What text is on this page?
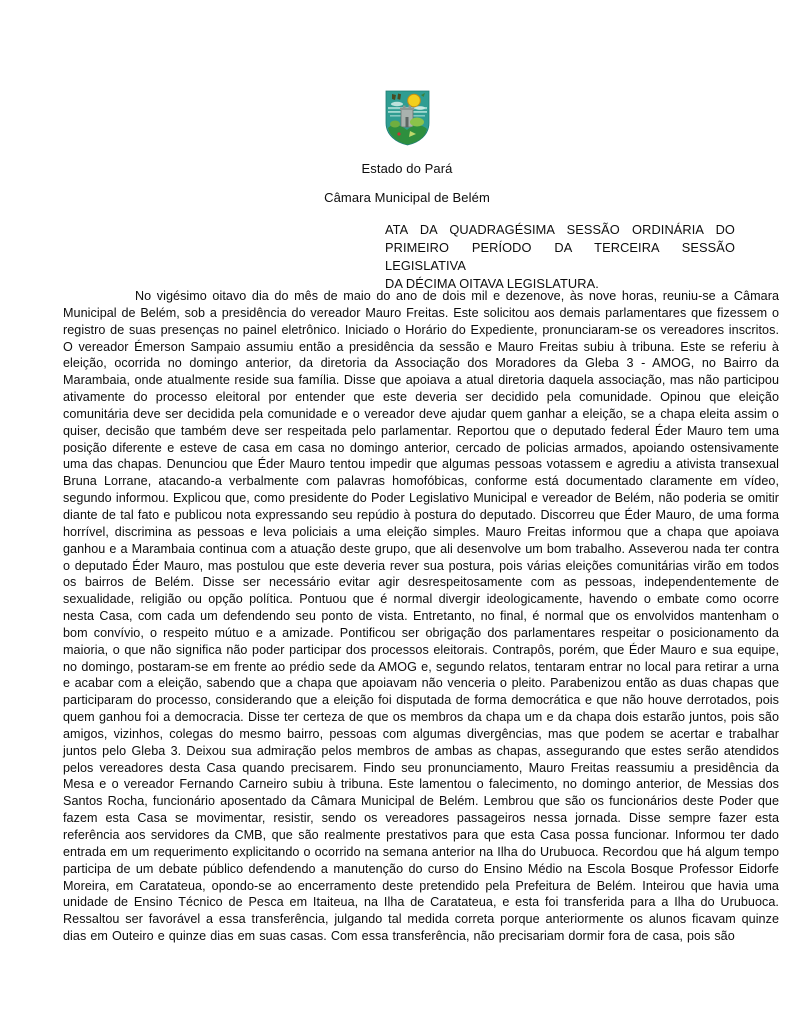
Estado do Pará
Câmara Municipal de Belém
ATA DA QUADRAGÉSIMA SESSÃO ORDINÁRIA DO
PRIMEIRO PERÍODO DA TERCEIRA SESSÃO LEGISLATIVA
DA DÉCIMA OITAVA LEGISLATURA.
No vigésimo oitavo dia do mês de maio do ano de dois mil e dezenove, às nove horas, reuniu-se a Câmara Municipal de Belém, sob a presidência do vereador Mauro Freitas. Este solicitou aos demais parlamentares que fizessem o registro de suas presenças no painel eletrônico. Iniciado o Horário do Expediente, pronunciaram-se os vereadores inscritos. O vereador Émerson Sampaio assumiu então a presidência da sessão e Mauro Freitas subiu à tribuna. Este se referiu à eleição, ocorrida no domingo anterior, da diretoria da Associação dos Moradores da Gleba 3 - AMOG, no Bairro da Marambaia, onde atualmente reside sua família. Disse que apoiava a atual diretoria daquela associação, mas não participou ativamente do processo eleitoral por entender que este deveria ser decidido pela comunidade. Opinou que eleição comunitária deve ser decidida pela comunidade e o vereador deve ajudar quem ganhar a eleição, se a chapa eleita assim o quiser, decisão que também deve ser respeitada pelo parlamentar. Reportou que o deputado federal Éder Mauro tem uma posição diferente e esteve de casa em casa no domingo anterior, cercado de policias armados, apoiando ostensivamente uma das chapas. Denunciou que Éder Mauro tentou impedir que algumas pessoas votassem e agrediu a ativista transexual Bruna Lorrane, atacando-a verbalmente com palavras homofóbicas, conforme está documentado claramente em vídeo, segundo informou. Explicou que, como presidente do Poder Legislativo Municipal e vereador de Belém, não poderia se omitir diante de tal fato e publicou nota expressando seu repúdio à postura do deputado. Discorreu que Éder Mauro, de uma forma horrível, discrimina as pessoas e leva policiais a uma eleição simples. Mauro Freitas informou que a chapa que apoiava ganhou e a Marambaia continua com a atuação deste grupo, que ali desenvolve um bom trabalho. Asseverou nada ter contra o deputado Éder Mauro, mas postulou que este deveria rever sua postura, pois várias eleições comunitárias virão em todos os bairros de Belém. Disse ser necessário evitar agir desrespeitosamente com as pessoas, independentemente de sexualidade, religião ou opção política. Pontuou que é normal divergir ideologicamente, havendo o embate como ocorre nesta Casa, com cada um defendendo seu ponto de vista. Entretanto, no final, é normal que os envolvidos mantenham o bom convívio, o respeito mútuo e a amizade. Pontificou ser obrigação dos parlamentares respeitar o posicionamento da maioria, o que não significa não poder participar dos processos eleitorais. Contrapôs, porém, que Éder Mauro e sua equipe, no domingo, postaram-se em frente ao prédio sede da AMOG e, segundo relatos, tentaram entrar no local para retirar a urna e acabar com a eleição, sabendo que a chapa que apoiavam não venceria o pleito. Parabenizou então as duas chapas que participaram do processo, considerando que a eleição foi disputada de forma democrática e que não houve derrotados, pois quem ganhou foi a democracia. Disse ter certeza de que os membros da chapa um e da chapa dois estarão juntos, pois são amigos, vizinhos, colegas do mesmo bairro, pessoas com algumas divergências, mas que podem se acertar e trabalhar juntos pelo Gleba 3. Deixou sua admiração pelos membros de ambas as chapas, assegurando que estes serão atendidos pelos vereadores desta Casa quando precisarem. Findo seu pronunciamento, Mauro Freitas reassumiu a presidência da Mesa e o vereador Fernando Carneiro subiu à tribuna. Este lamentou o falecimento, no domingo anterior, de Messias dos Santos Rocha, funcionário aposentado da Câmara Municipal de Belém. Lembrou que são os funcionários deste Poder que fazem esta Casa se movimentar, resistir, sendo os vereadores passageiros nessa jornada. Disse sempre fazer esta referência aos servidores da CMB, que são realmente prestativos para que esta Casa possa funcionar. Informou ter dado entrada em um requerimento explicitando o ocorrido na semana anterior na Ilha do Urubuoca. Recordou que há algum tempo participa de um debate público defendendo a manutenção do curso do Ensino Médio na Escola Bosque Professor Eidorfe Moreira, em Caratateua, opondo-se ao encerramento deste pretendido pela Prefeitura de Belém. Inteirou que havia uma unidade de Ensino Técnico de Pesca em Itaiteua, na Ilha de Caratateua, e esta foi transferida para a Ilha do Urubuoca. Ressaltou ser favorável a essa transferência, julgando tal medida correta porque anteriormente os alunos ficavam quinze dias em Outeiro e quinze dias em suas casas. Com essa transferência, não precisariam dormir fora de casa, pois são
